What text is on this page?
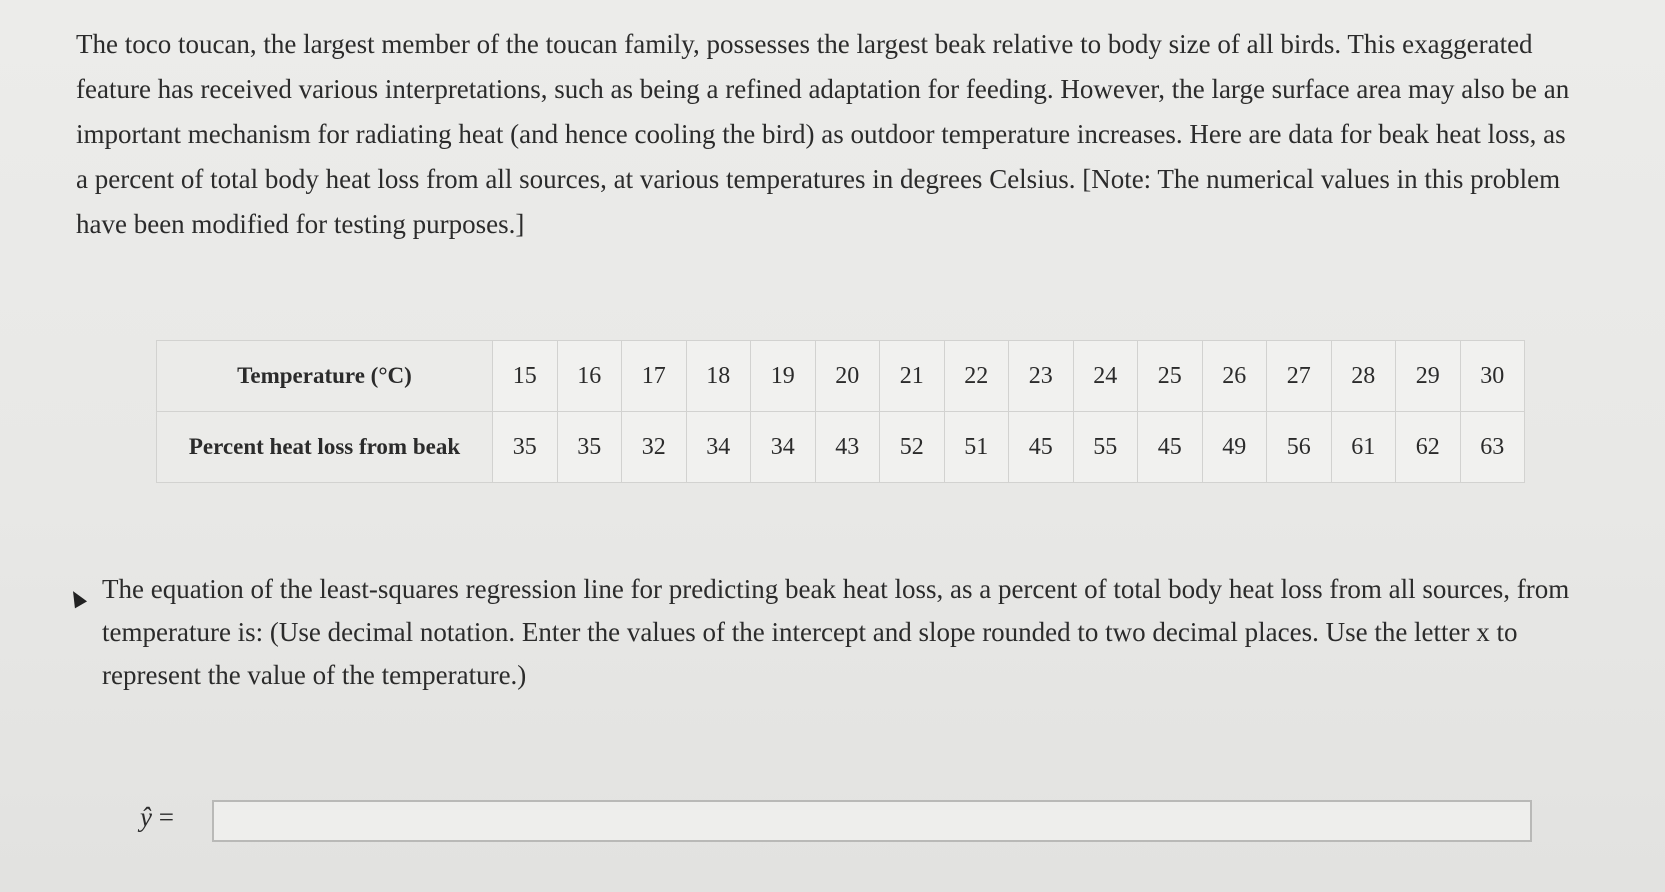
The toco toucan, the largest member of the toucan family, possesses the largest beak relative to body size of all birds. This exaggerated feature has received various interpretations, such as being a refined adaptation for feeding. However, the large surface area may also be an important mechanism for radiating heat (and hence cooling the bird) as outdoor temperature increases. Here are data for beak heat loss, as a percent of total body heat loss from all sources, at various temperatures in degrees Celsius. [Note: The numerical values in this problem have been modified for testing purposes.]

Temperature (°C)	15	16	17	18	19	20	21	22	23	24	25	26	27	28	29	30
Percent heat loss from beak	35	35	32	34	34	43	52	51	45	55	45	49	56	61	62	63

The equation of the least-squares regression line for predicting beak heat loss, as a percent of total body heat loss from all sources, from temperature is: (Use decimal notation. Enter the values of the intercept and slope rounded to two decimal places. Use the letter x to represent the value of the temperature.)

ŷ =
